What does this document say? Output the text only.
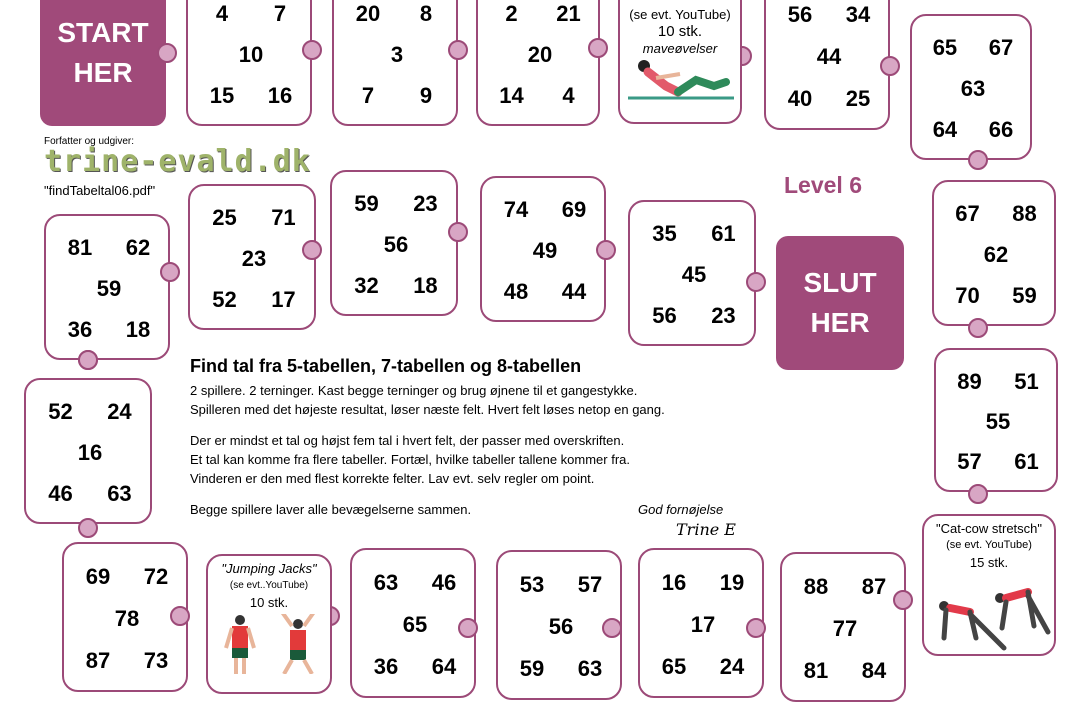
START
HER
SLUT
HER
Level 6
Forfatter og udgiver:
trine-evald.dk
"findTabeltal06.pdf"
4	7
10
15	16
20	8
3
7	9
2	21
20
14	4
56	34
44
40	25
65	67
63
64	66
67	88
62
70	59
89	51
55
57	61
81	62
59
36	18
25	71
23
52	17
59	23
56
32	18
74	69
49
48	44
35	61
45
56	23
52	24
16
46	63
69	72
78
87	73
63	46
65
36	64
53	57
56
59	63
16	19
17
65	24
88	87
77
81	84
(se evt. YouTube)
10 stk.
maveøvelser
"Cat-cow stretsch"
(se evt. YouTube)
15 stk.
"Jumping Jacks"
(se evt..YouTube)
10 stk.
Find tal fra 5-tabellen, 7-tabellen og 8-tabellen
2 spillere. 2 terninger. Kast begge terninger og brug øjnene til et gangestykke.
Spilleren med det højeste resultat, løser næste felt. Hvert felt løses netop en gang.
Der er mindst et tal og højst fem tal i hvert felt, der passer med overskriften.
Et tal kan komme fra flere tabeller. Fortæl, hvilke tabeller tallene kommer fra.
Vinderen er den med flest korrekte felter. Lav evt. selv regler om point.
Begge spillere laver alle bevægelserne sammen.	God fornøjelse
Trine E
